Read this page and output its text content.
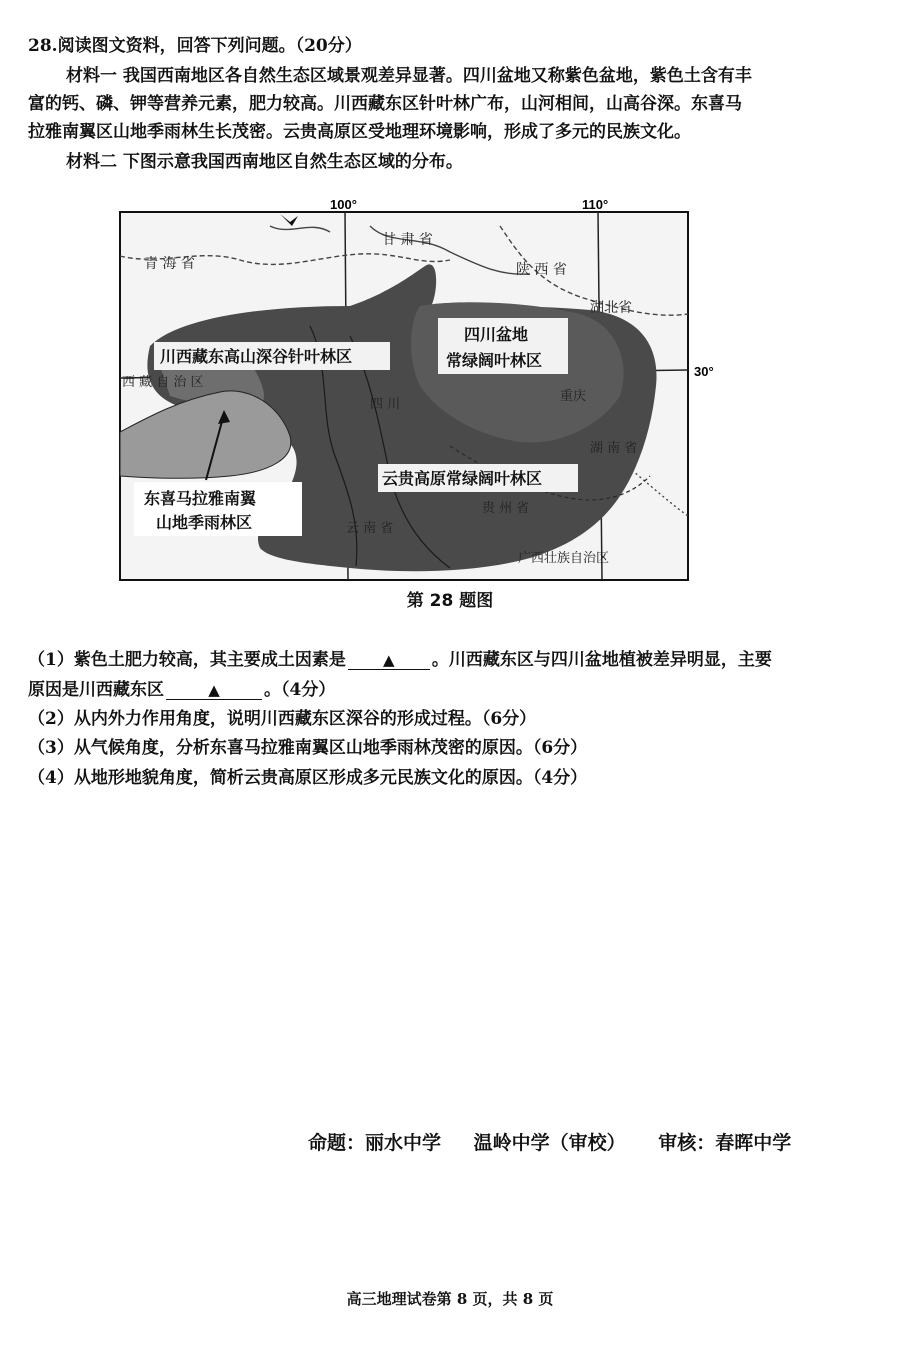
28.阅读图文资料，回答下列问题。（20分）
材料一 我国西南地区各自然生态区域景观差异显著。四川盆地又称紫色盆地，紫色土含有丰
富的钙、磷、钾等营养元素，肥力较高。川西藏东区针叶林广布，山河相间，山高谷深。东喜马
拉雅南翼区山地季雨林生长茂密。云贵高原区受地理环境影响，形成了多元的民族文化。
材料二 下图示意我国西南地区自然生态区域的分布。
100°	110°
30°
青 海 省
甘 肃 省
陕 西 省
湖北省
西 藏 自 治 区
四 川
重庆
湖 南 省
云 南 省
贵 州 省
广西壮族自治区
川西藏东高山深谷针叶林区
四川盆地
常绿阔叶林区
云贵高原常绿阔叶林区
东喜马拉雅南翼
山地季雨林区
第 28 题图
（1）紫色土肥力较高，其主要成土因素是 ▲ 。川西藏东区与四川盆地植被差异明显，主要
原因是川西藏东区	▲	。（4分）
（2）从内外力作用角度，说明川西藏东区深谷的形成过程。（6分）
（3）从气候角度，分析东喜马拉雅南翼区山地季雨林茂密的原因。（6分）
（4）从地形地貌角度，简析云贵高原区形成多元民族文化的原因。（4分）
命题：丽水中学 温岭中学（审校） 审核：春晖中学
高三地理试卷第 8 页，共 8 页
